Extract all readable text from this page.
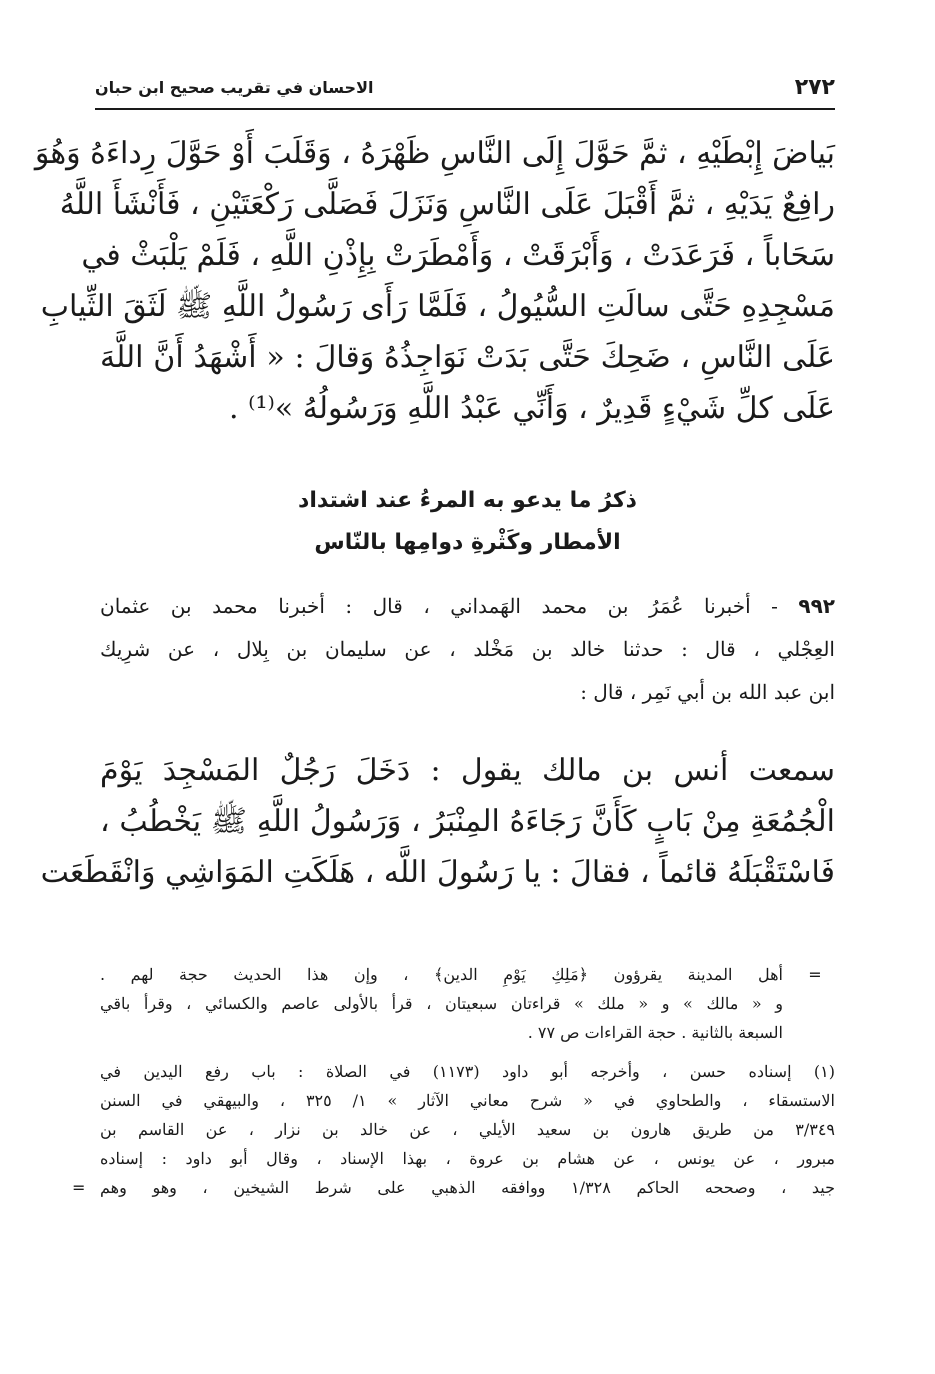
٢٧٢
الاحسان في تقريب صحيح ابن حبان
بَياضَ إِبْطَيْهِ ، ثمَّ حَوَّلَ إِلَى النَّاسِ ظَهْرَهُ ، وَقَلَبَ أَوْ حَوَّلَ رِداءَهُ وَهُوَ
رافِعٌ يَدَيْهِ ، ثمَّ أَقْبَلَ عَلَى النَّاسِ وَنَزَلَ فَصَلَّى رَكْعَتَيْنِ ، فَأَنْشَأَ اللَّهُ
سَحَاباً ، فَرَعَدَتْ ، وَأَبْرَقَتْ ، وَأَمْطَرَتْ بِإِذْنِ اللَّهِ ، فَلَمْ يَلْبَثْ في
مَسْجِدِهِ حَتَّى سالَتِ السُّيُولُ ، فَلَمَّا رَأَى رَسُولُ اللَّهِ ﷺ لَثَقَ الثِّيابِ
عَلَى النَّاسِ ، ضَحِكَ حَتَّى بَدَتْ نَوَاجِذُهُ وَقالَ : « أَشْهَدُ أَنَّ اللَّهَ
عَلَى كلِّ شَيْءٍ قَدِيرٌ ، وَأَنِّي عَبْدُ اللَّهِ وَرَسُولُهُ »⁽¹⁾ .
ذكرُ ما يدعو به المرءُ عند اشتداد
الأمطار وكَثْرةِ دوامِها بالنّاس
٩٩٢ - أخبرنا عُمَرُ بن محمد الهَمداني ، قال : أخبرنا محمد بن عثمان
العِجْلي ، قال : حدثنا خالد بن مَخْلد ، عن سليمان بن بِلال ، عن شرِيك
ابن عبد الله بن أبي نَمِر ، قال :
سمعت أنس بن مالك يقول : دَخَلَ رَجُلٌ المَسْجِدَ يَوْمَ
الْجُمُعَةِ مِنْ بَابٍ كَأَنَّ رَجَاءَهُ المِنْبَرُ ، وَرَسُولُ اللَّهِ ﷺ يَخْطُبُ ،
فَاسْتَقْبَلَهُ قائماً ، فقالَ : يا رَسُولَ اللَّه ، هَلَكَتِ المَوَاشِي وَانْقَطَعَت
=
أهل المدينة يقرؤون ﴿مَلِكِ يَوْمِ الدين﴾ ، وإن هذا الحديث حجة لهم .
و « مالك » و « ملك » قراءتان سبعيتان ، قرأ بالأولى عاصم والكسائي ، وقرأ باقي
السبعة بالثانية . حجة القراءات ص ٧٧ .
(١) إسناده حسن ، وأخرجه أبو داود (١١٧٣) في الصلاة : باب رفع اليدين في
الاستسقاء ، والطحاوي في « شرح معاني الآثار » ١/ ٣٢٥ ، والبيهقي في السنن
٣/٣٤٩ من طريق هارون بن سعيد الأيلي ، عن خالد بن نزار ، عن القاسم بن
مبرور ، عن يونس ، عن هشام بن عروة ، بهذا الإسناد ، وقال أبو داود : إسناده
جيد ، وصححه الحاكم ١/٣٢٨ ووافقه الذهبي على شرط الشيخين ، وهو وهم
=
